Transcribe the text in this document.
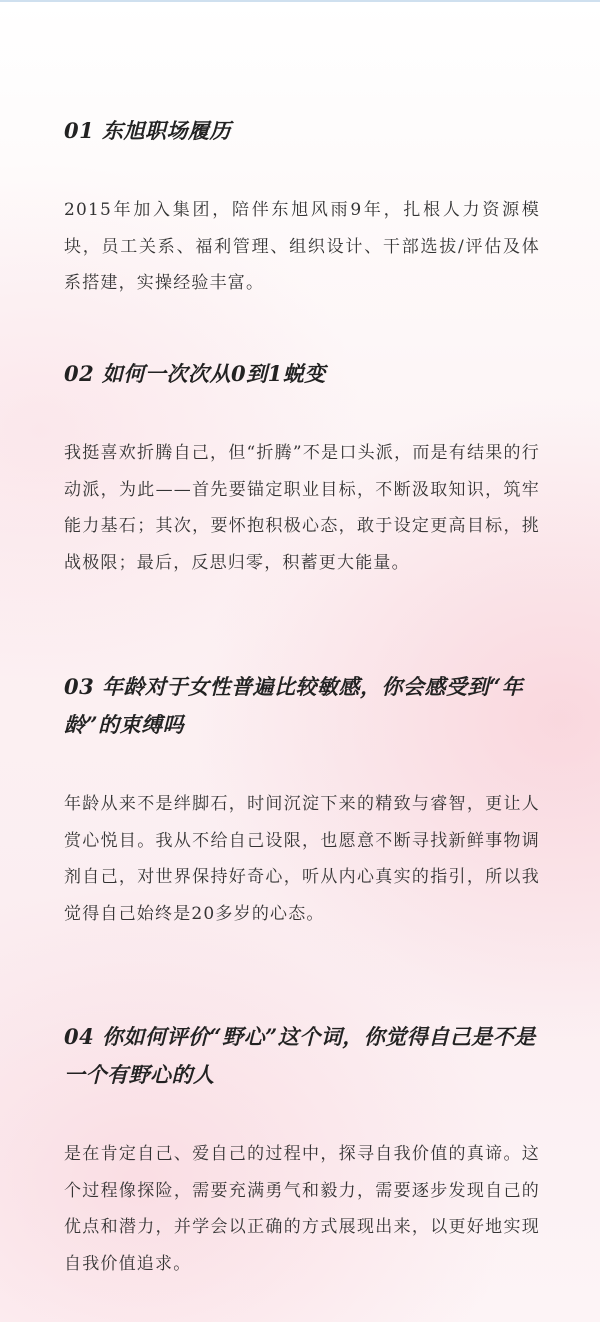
01 东旭职场履历

2015年加入集团，陪伴东旭风雨9年，扎根人力资源模块，员工关系、福利管理、组织设计、干部选拔/评估及体系搭建，实操经验丰富。

02 如何一次次从0到1蜕变

我挺喜欢折腾自己，但“折腾”不是口头派，而是有结果的行动派，为此——首先要锚定职业目标，不断汲取知识，筑牢能力基石；其次，要怀抱积极心态，敢于设定更高目标，挑战极限；最后，反思归零，积蓄更大能量。

03 年龄对于女性普遍比较敏感，你会感受到“年龄”的束缚吗

年龄从来不是绊脚石，时间沉淀下来的精致与睿智，更让人赏心悦目。我从不给自己设限，也愿意不断寻找新鲜事物调剂自己，对世界保持好奇心，听从内心真实的指引，所以我觉得自己始终是20多岁的心态。

04 你如何评价“野心”这个词，你觉得自己是不是一个有野心的人

是在肯定自己、爱自己的过程中，探寻自我价值的真谛。这个过程像探险，需要充满勇气和毅力，需要逐步发现自己的优点和潜力，并学会以正确的方式展现出来，以更好地实现自我价值追求。
